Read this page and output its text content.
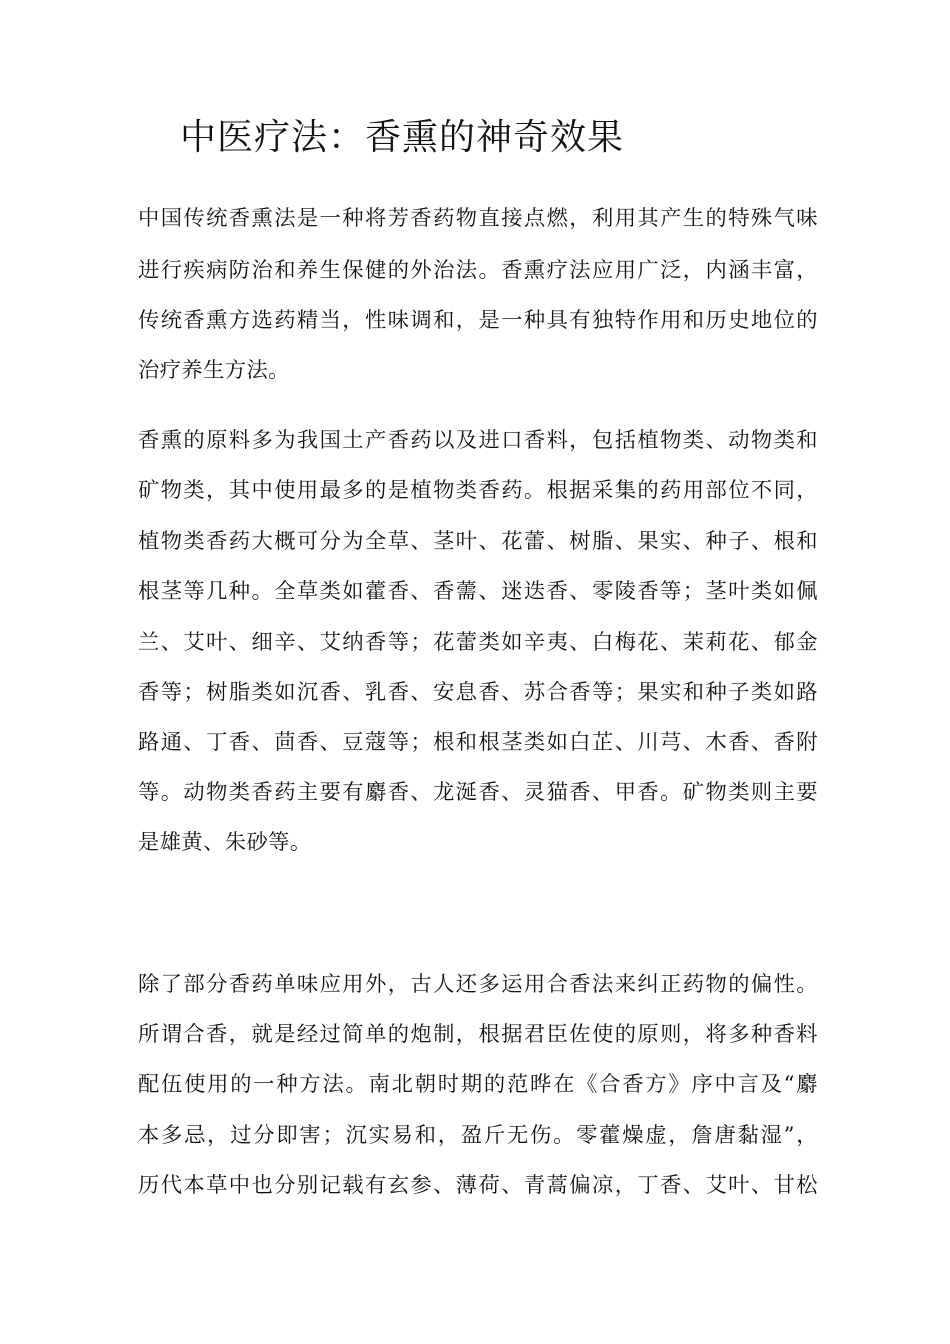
中医疗法：香熏的神奇效果
中国传统香熏法是一种将芳香药物直接点燃，利用其产生的特殊气味
进行疾病防治和养生保健的外治法。香熏疗法应用广泛，内涵丰富，
传统香熏方选药精当，性味调和，是一种具有独特作用和历史地位的
治疗养生方法。
香熏的原料多为我国土产香药以及进口香料，包括植物类、动物类和
矿物类，其中使用最多的是植物类香药。根据采集的药用部位不同，
植物类香药大概可分为全草、茎叶、花蕾、树脂、果实、种子、根和
根茎等几种。全草类如藿香、香薷、迷迭香、零陵香等；茎叶类如佩
兰、艾叶、细辛、艾纳香等；花蕾类如辛夷、白梅花、茉莉花、郁金
香等；树脂类如沉香、乳香、安息香、苏合香等；果实和种子类如路
路通、丁香、茴香、豆蔻等；根和根茎类如白芷、川芎、木香、香附
等。动物类香药主要有麝香、龙涎香、灵猫香、甲香。矿物类则主要
是雄黄、朱砂等。
除了部分香药单味应用外，古人还多运用合香法来纠正药物的偏性。
所谓合香，就是经过简单的炮制，根据君臣佐使的原则，将多种香料
配伍使用的一种方法。南北朝时期的范晔在《合香方》序中言及“麝
本多忌，过分即害；沉实易和，盈斤无伤。零藿燥虚，詹唐黏湿”，
历代本草中也分别记载有玄参、薄荷、青蒿偏凉，丁香、艾叶、甘松
